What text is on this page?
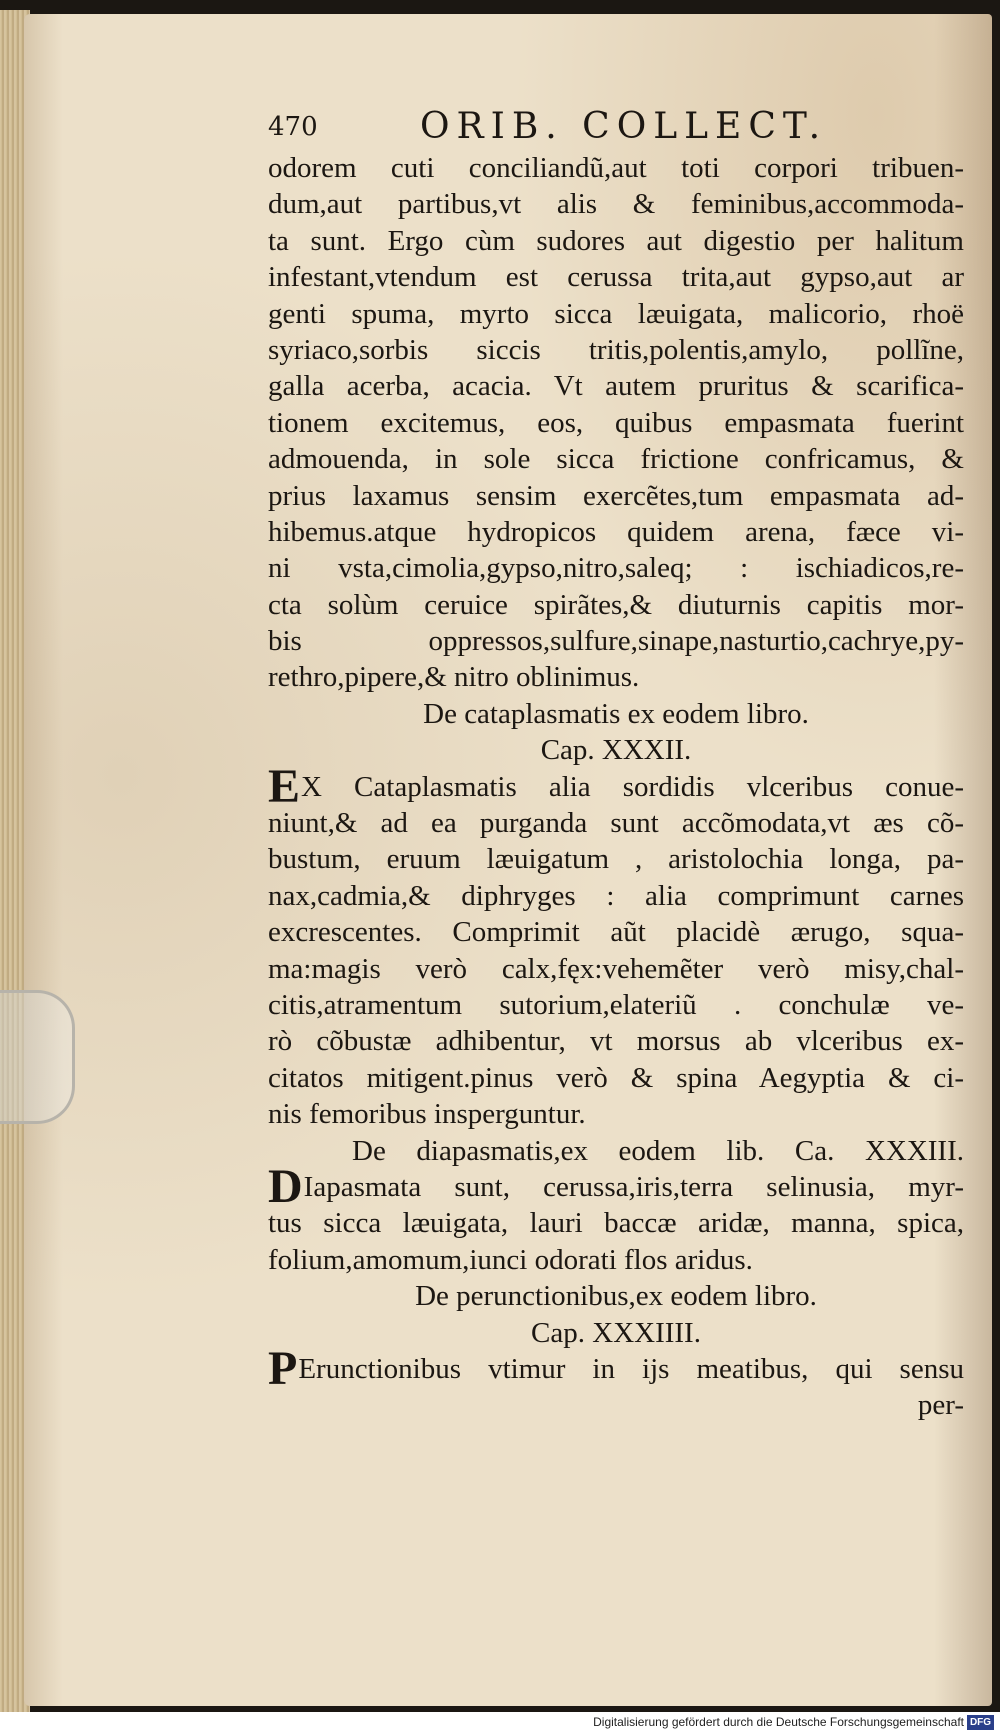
470	ORIB. COLLECT.
odorem cuti conciliandũ,aut toti corpori tribuen-
dum,aut partibus,vt alis & feminibus,accommoda-
ta sunt. Ergo cùm sudores aut digestio per halitum
infestant,vtendum est cerussa trita,aut gypso,aut ar
genti spuma, myrto sicca læuigata, malicorio, rhoë
syriaco,sorbis siccis tritis,polentis,amylo, pollĩne,
galla acerba, acacia. Vt autem pruritus & scarifica-
tionem excitemus, eos, quibus empasmata fuerint
admouenda, in sole sicca frictione confricamus, &
prius laxamus sensim exercẽtes,tum empasmata ad-
hibemus.atque hydropicos quidem arena, fæce vi-
ni vsta,cimolia,gypso,nitro,saleq; : ischiadicos,re-
cta solùm ceruice spirãtes,& diuturnis capitis mor-
bis oppressos,sulfure,sinape,nasturtio,cachrye,py-
rethro,pipere,& nitro oblinimus.
De cataplasmatis ex eodem libro.
Cap. XXXII.
EX Cataplasmatis alia sordidis vlceribus conue-
niunt,& ad ea purganda sunt accõmodata,vt æs cõ-
bustum, eruum læuigatum , aristolochia longa, pa-
nax,cadmia,& diphryges : alia comprimunt carnes
excrescentes. Comprimit aũt placidè ærugo, squa-
ma:magis verò calx,fęx:vehemẽter verò misy,chal-
citis,atramentum sutorium,elateriũ . conchulæ ve-
rò cõbustæ adhibentur, vt morsus ab vlceribus ex-
citatos mitigent.pinus verò & spina Aegyptia & ci-
nis femoribus insperguntur.
De diapasmatis,ex eodem lib. Ca. XXXIII.
DIapasmata sunt, cerussa,iris,terra selinusia, myr-
tus sicca læuigata, lauri baccæ aridæ, manna, spica,
folium,amomum,iunci odorati flos aridus.
De perunctionibus,ex eodem libro.
Cap. XXXIIII.
PErunctionibus vtimur in ijs meatibus, qui sensu
per-
Digitalisierung gefördert durch die Deutsche Forschungsgemeinschaft DFG
